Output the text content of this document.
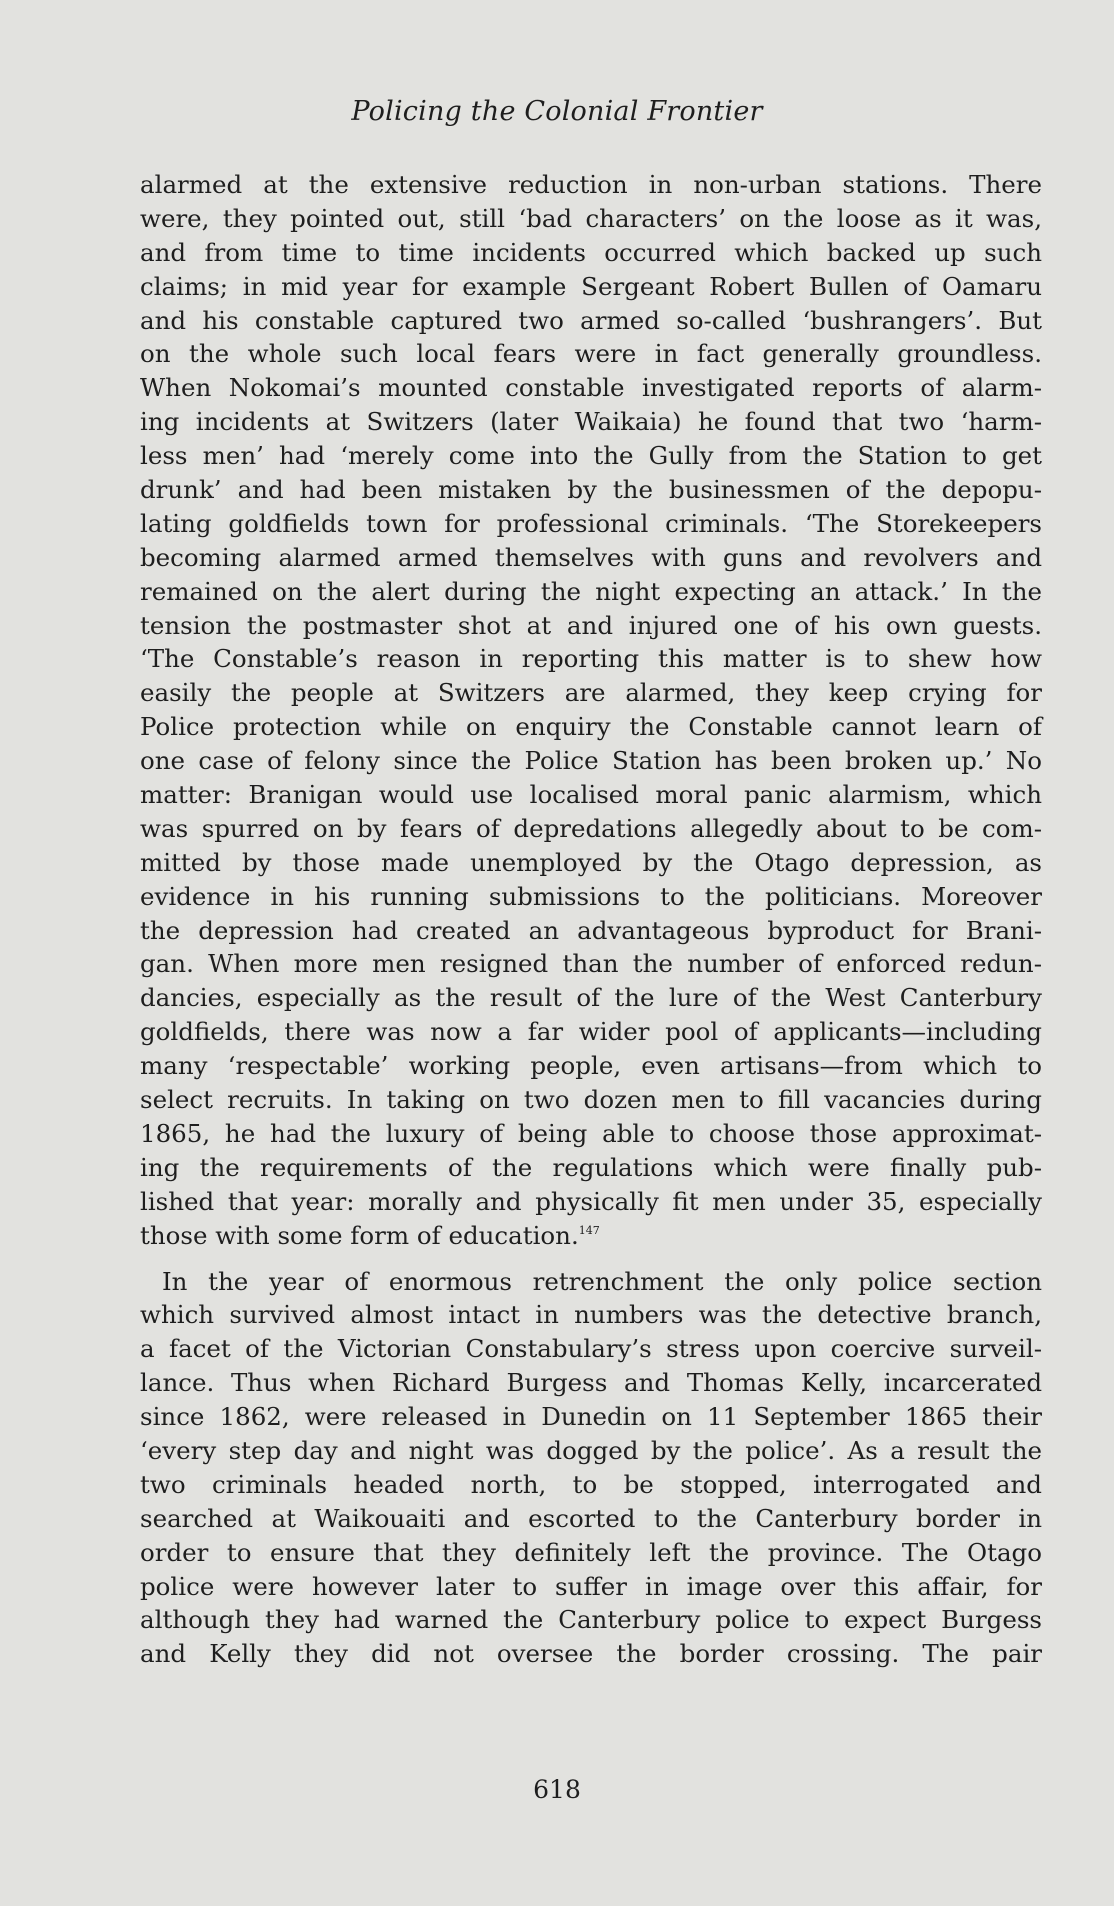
Policing the Colonial Frontier
alarmed at the extensive reduction in non-urban stations. There
were, they pointed out, still ‘bad characters’ on the loose as it was,
and from time to time incidents occurred which backed up such
claims; in mid year for example Sergeant Robert Bullen of Oamaru
and his constable captured two armed so-called ‘bushrangers’. But
on the whole such local fears were in fact generally groundless.
When Nokomai’s mounted constable investigated reports of alarm-
ing incidents at Switzers (later Waikaia) he found that two ‘harm-
less men’ had ‘merely come into the Gully from the Station to get
drunk’ and had been mistaken by the businessmen of the depopu-
lating goldfields town for professional criminals. ‘The Storekeepers
becoming alarmed armed themselves with guns and revolvers and
remained on the alert during the night expecting an attack.’ In the
tension the postmaster shot at and injured one of his own guests.
‘The Constable’s reason in reporting this matter is to shew how
easily the people at Switzers are alarmed, they keep crying for
Police protection while on enquiry the Constable cannot learn of
one case of felony since the Police Station has been broken up.’ No
matter: Branigan would use localised moral panic alarmism, which
was spurred on by fears of depredations allegedly about to be com-
mitted by those made unemployed by the Otago depression, as
evidence in his running submissions to the politicians. Moreover
the depression had created an advantageous byproduct for Brani-
gan. When more men resigned than the number of enforced redun-
dancies, especially as the result of the lure of the West Canterbury
goldfields, there was now a far wider pool of applicants—including
many ‘respectable’ working people, even artisans—from which to
select recruits. In taking on two dozen men to fill vacancies during
1865, he had the luxury of being able to choose those approximat-
ing the requirements of the regulations which were finally pub-
lished that year: morally and physically fit men under 35, especially
those with some form of education.$^{147}$
In the year of enormous retrenchment the only police section
which survived almost intact in numbers was the detective branch,
a facet of the Victorian Constabulary’s stress upon coercive surveil-
lance. Thus when Richard Burgess and Thomas Kelly, incarcerated
since 1862, were released in Dunedin on 11 September 1865 their
‘every step day and night was dogged by the police’. As a result the
two criminals headed north, to be stopped, interrogated and
searched at Waikouaiti and escorted to the Canterbury border in
order to ensure that they definitely left the province. The Otago
police were however later to suffer in image over this affair, for
although they had warned the Canterbury police to expect Burgess
and Kelly they did not oversee the border crossing. The pair
618
